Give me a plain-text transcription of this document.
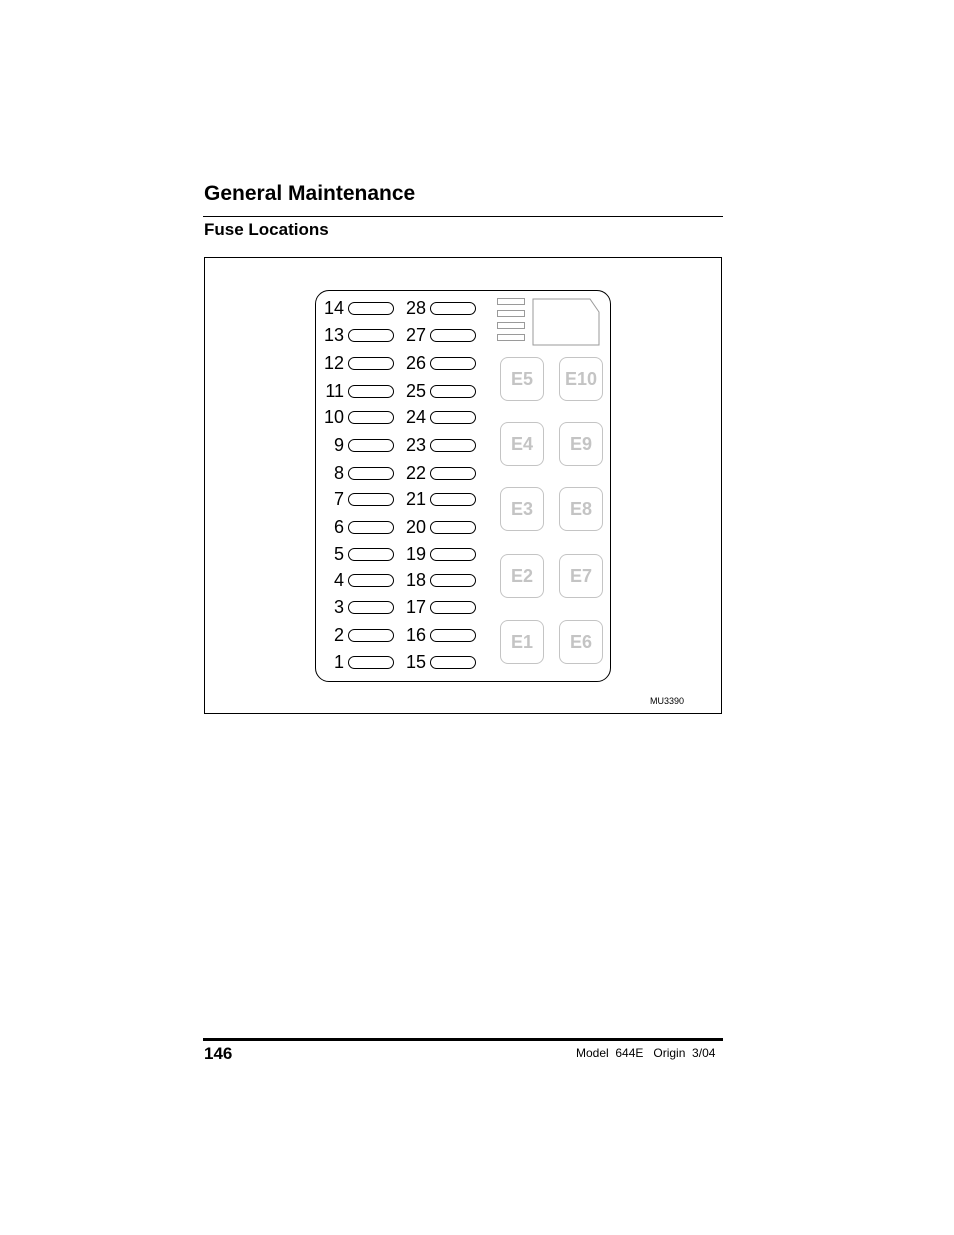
General Maintenance
Fuse Locations
14
13
12
11
10
9
8
7
6
5
4
3
2
1
28
27
26
25
24
23
22
21
20
19
18
17
16
15
E5
E4
E3
E2
E1
E10
E9
E8
E7
E6
MU3390
146	Model  644E   Origin  3/04
